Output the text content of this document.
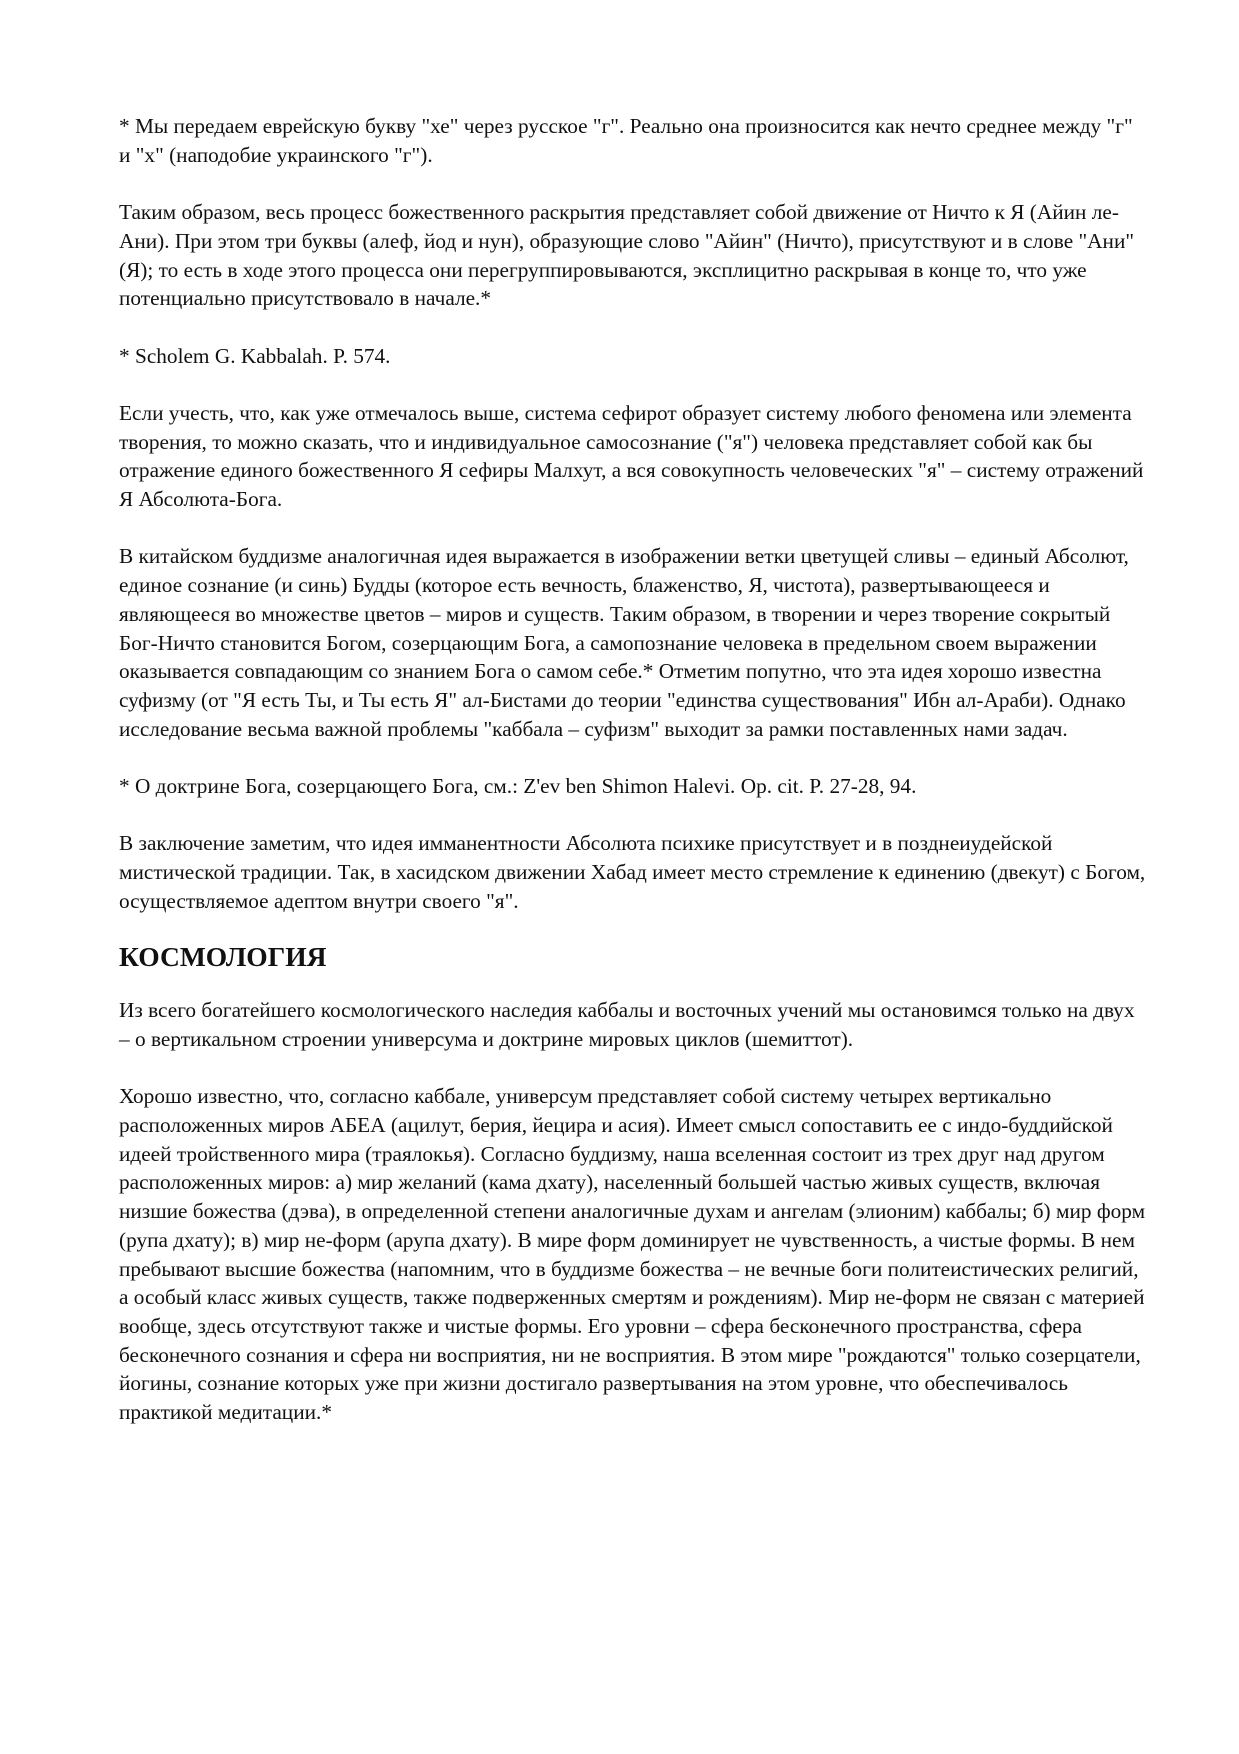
* Мы передаем еврейскую букву "хе" через русское "г". Реально она произносится как нечто среднее между "г" и "х" (наподобие украинского "г").

Таким образом, весь процесс божественного раскрытия представляет собой движение от Ничто к Я (Айин ле-Ани). При этом три буквы (алеф, йод и нун), образующие слово "Айин" (Ничто), присутствуют и в слове "Ани" (Я); то есть в ходе этого процесса они перегруппировываются, эксплицитно раскрывая в конце то, что уже потенциально присутствовало в начале.*

* Scholem G. Kabbalah. P. 574.

Если учесть, что, как уже отмечалось выше, система сефирот образует систему любого феномена или элемента творения, то можно сказать, что и индивидуальное самосознание ("я") человека представляет собой как бы отражение единого божественного Я сефиры Малхут, а вся совокупность человеческих "я" – систему отражений Я Абсолюта-Бога.

В китайском буддизме аналогичная идея выражается в изображении ветки цветущей сливы – единый Абсолют, единое сознание (и синь) Будды (которое есть вечность, блаженство, Я, чистота), развертывающееся и являющееся во множестве цветов – миров и существ. Таким образом, в творении и через творение сокрытый Бог-Ничто становится Богом, созерцающим Бога, а самопознание человека в предельном своем выражении оказывается совпадающим со знанием Бога о самом себе.* Отметим попутно, что эта идея хорошо известна суфизму (от "Я есть Ты, и Ты есть Я" ал-Бистами до теории "единства существования" Ибн ал-Араби). Однако исследование весьма важной проблемы "каббала – суфизм" выходит за рамки поставленных нами задач.

* О доктрине Бога, созерцающего Бога, см.: Z'ev ben Shimon Halevi. Op. cit. P. 27-28, 94.

В заключение заметим, что идея имманентности Абсолюта психике присутствует и в позднеиудейской мистической традиции. Так, в хасидском движении Хабад имеет место стремление к единению (двекут) с Богом, осуществляемое адептом внутри своего "я".

КОСМОЛОГИЯ

Из всего богатейшего космологического наследия каббалы и восточных учений мы остановимся только на двух – о вертикальном строении универсума и доктрине мировых циклов (шемиттот).

Хорошо известно, что, согласно каббале, универсум представляет собой систему четырех вертикально расположенных миров АБЕА (ацилут, берия, йецира и асия). Имеет смысл сопоставить ее с индо-буддийской идеей тройственного мира (траялокья). Согласно буддизму, наша вселенная состоит из трех друг над другом расположенных миров: а) мир желаний (кама дхату), населенный большей частью живых существ, включая низшие божества (дэва), в определенной степени аналогичные духам и ангелам (элионим) каббалы; б) мир форм (рупа дхату); в) мир не-форм (арупа дхату). В мире форм доминирует не чувственность, а чистые формы. В нем пребывают высшие божества (напомним, что в буддизме божества – не вечные боги политеистических религий, а особый класс живых существ, также подверженных смертям и рождениям). Мир не-форм не связан с материей вообще, здесь отсутствуют также и чистые формы. Его уровни – сфера бесконечного пространства, сфера бесконечного сознания и сфера ни восприятия, ни не восприятия. В этом мире "рождаются" только созерцатели, йогины, сознание которых уже при жизни достигало развертывания на этом уровне, что обеспечивалось практикой медитации.*
